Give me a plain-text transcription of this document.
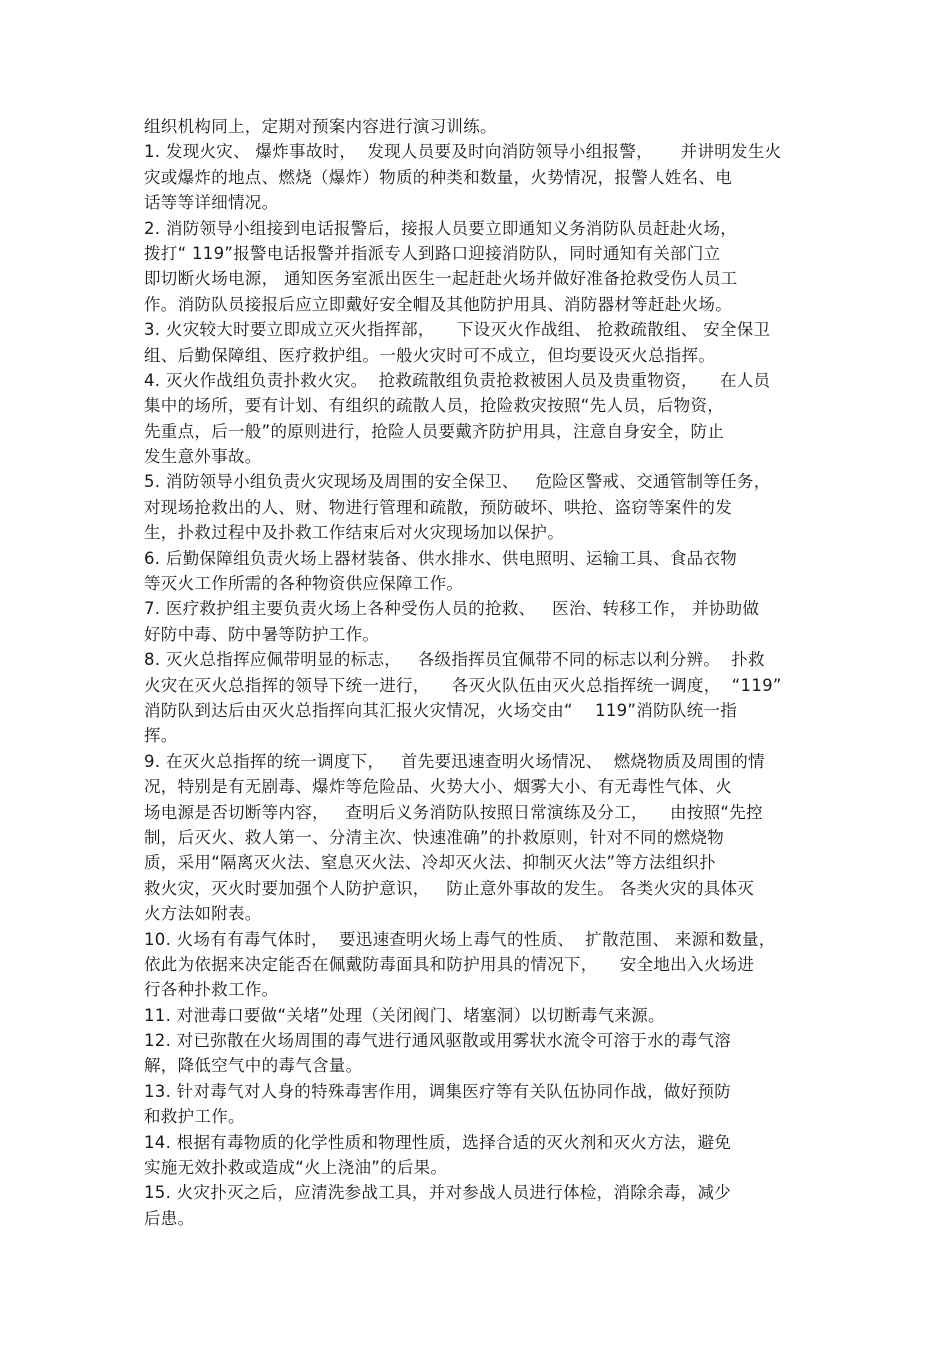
组织机构同上，定期对预案内容进行演习训练。
1. 发现火灾、 爆炸事故时，  发现人员要及时向消防领导小组报警，     并讲明发生火
灾或爆炸的地点、燃烧（爆炸）物质的种类和数量，火势情况，报警人姓名、电
话等等详细情况。
2. 消防领导小组接到电话报警后，接报人员要立即通知义务消防队员赶赴火场，
拨打“ 119”报警电话报警并指派专人到路口迎接消防队，同时通知有关部门立
即切断火场电源， 通知医务室派出医生一起赶赴火场并做好准备抢救受伤人员工
作。消防队员接报后应立即戴好安全帽及其他防护用具、消防器材等赶赴火场。
3. 火灾较大时要立即成立灭火指挥部，    下设灭火作战组、 抢救疏散组、 安全保卫
组、后勤保障组、医疗救护组。一般火灾时可不成立，但均要设灭火总指挥。
4. 灭火作战组负责扑救火灾。  抢救疏散组负责抢救被困人员及贵重物资，    在人员
集中的场所，要有计划、有组织的疏散人员，抢险救灾按照“先人员，后物资，
先重点，后一般”的原则进行，抢险人员要戴齐防护用具，注意自身安全，防止
发生意外事故。
5. 消防领导小组负责火灾现场及周围的安全保卫、   危险区警戒、交通管制等任务，
对现场抢救出的人、财、物进行管理和疏散，预防破坏、哄抢、盗窃等案件的发
生，扑救过程中及扑救工作结束后对火灾现场加以保护。
6. 后勤保障组负责火场上器材装备、供水排水、供电照明、运输工具、食品衣物
等灭火工作所需的各种物资供应保障工作。
7. 医疗救护组主要负责火场上各种受伤人员的抢救、   医治、转移工作， 并协助做
好防中毒、防中暑等防护工作。
8. 灭火总指挥应佩带明显的标志，   各级指挥员宜佩带不同的标志以利分辨。  扑救
火灾在灭火总指挥的领导下统一进行，    各灭火队伍由灭火总指挥统一调度，  “119”
消防队到达后由灭火总指挥向其汇报火灾情况，火场交由“    119”消防队统一指
挥。
9. 在灭火总指挥的统一调度下，   首先要迅速查明火场情况、  燃烧物质及周围的情
况，特别是有无剧毒、爆炸等危险品、火势大小、烟雾大小、有无毒性气体、火
场电源是否切断等内容，   查明后义务消防队按照日常演练及分工，    由按照“先控
制，后灭火、救人第一、分清主次、快速准确”的扑救原则，针对不同的燃烧物
质，采用“隔离灭火法、窒息灭火法、冷却灭火法、抑制灭火法”等方法组织扑
救火灾，灭火时要加强个人防护意识，   防止意外事故的发生。 各类火灾的具体灭
火方法如附表。
10. 火场有有毒气体时，  要迅速查明火场上毒气的性质、  扩散范围、 来源和数量，
依此为依据来决定能否在佩戴防毒面具和防护用具的情况下，    安全地出入火场进
行各种扑救工作。
11. 对泄毒口要做“关堵”处理（关闭阀门、堵塞洞）以切断毒气来源。
12. 对已弥散在火场周围的毒气进行通风驱散或用雾状水流令可溶于水的毒气溶
解，降低空气中的毒气含量。
13. 针对毒气对人身的特殊毒害作用，调集医疗等有关队伍协同作战，做好预防
和救护工作。
14. 根据有毒物质的化学性质和物理性质，选择合适的灭火剂和灭火方法，避免
实施无效扑救或造成“火上浇油”的后果。
15. 火灾扑灭之后，应清洗参战工具，并对参战人员进行体检，消除余毒，减少
后患。
